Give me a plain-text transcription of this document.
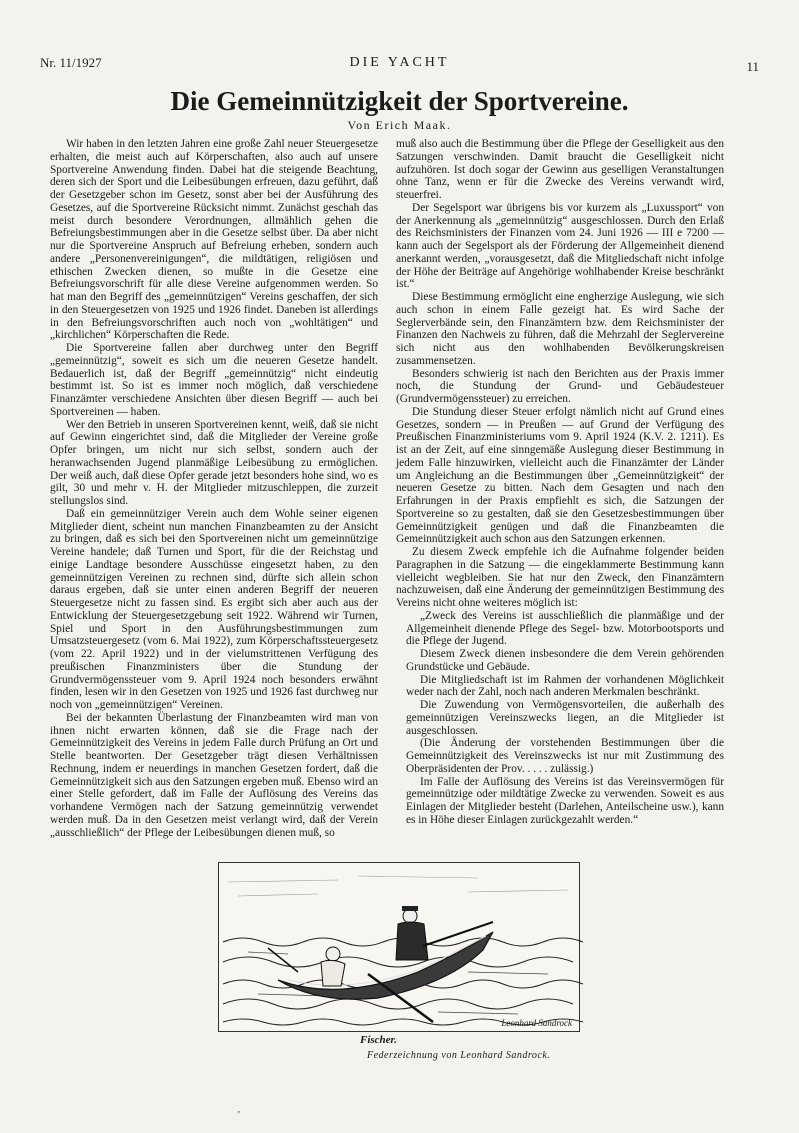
Nr. 11/1927	DIE YACHT	11
Die Gemeinnützigkeit der Sportvereine.
Von Erich Maak.

Wir haben in den letzten Jahren eine große Zahl neuer Steuergesetze erhalten, die meist auch auf Körperschaften, also auch auf unsere Sportvereine Anwendung finden. Dabei hat die steigende Beachtung, deren sich der Sport und die Leibesübungen erfreuen, dazu geführt, daß der Gesetzgeber schon im Gesetz, sonst aber bei der Ausführung des Gesetzes, auf die Sportvereine Rücksicht nimmt. Zunächst geschah das meist durch besondere Verordnungen, allmählich gehen die Befreiungsbestimmungen aber in die Gesetze selbst über. Da aber nicht nur die Sportvereine Anspruch auf Befreiung erheben, sondern auch andere „Personenvereinigungen“, die mildtätigen, religiösen und ethischen Zwecken dienen, so mußte in die Gesetze eine Befreiungsvorschrift für alle diese Vereine aufgenommen werden. So hat man den Begriff des „gemeinnützigen“ Vereins geschaffen, der sich in den Steuergesetzen von 1925 und 1926 findet. Daneben ist allerdings in den Befreiungsvorschriften auch noch von „wohltätigen“ und „kirchlichen“ Körperschaften die Rede.

Die Sportvereine fallen aber durchweg unter den Begriff „gemeinnützig“, soweit es sich um die neueren Gesetze handelt. Bedauerlich ist, daß der Begriff „gemeinnützig“ nicht eindeutig bestimmt ist. So ist es immer noch möglich, daß verschiedene Finanzämter verschiedene Ansichten über diesen Begriff — auch bei Sportvereinen — haben.

Wer den Betrieb in unseren Sportvereinen kennt, weiß, daß sie nicht auf Gewinn eingerichtet sind, daß die Mitglieder der Vereine große Opfer bringen, um nicht nur sich selbst, sondern auch der heranwachsenden Jugend planmäßige Leibesübung zu ermöglichen. Der weiß auch, daß diese Opfer gerade jetzt besonders hohe sind, wo es gilt, 30 und mehr v. H. der Mitglieder mitzuschleppen, die zurzeit stellungslos sind.

Daß ein gemeinnütziger Verein auch dem Wohle seiner eigenen Mitglieder dient, scheint nun manchen Finanzbeamten zu der Ansicht zu bringen, daß es sich bei den Sportvereinen nicht um gemeinnützige Vereine handele; daß Turnen und Sport, für die der Reichstag und einige Landtage besondere Ausschüsse eingesetzt haben, zu den gemeinnützigen Vereinen zu rechnen sind, dürfte sich allein schon daraus ergeben, daß sie unter einen anderen Begriff der neueren Steuergesetze nicht zu fassen sind. Es ergibt sich aber auch aus der Entwicklung der Steuergesetzgebung seit 1922. Während wir Turnen, Spiel und Sport in den Ausführungsbestimmungen zum Umsatzsteuergesetz (vom 6. Mai 1922), zum Körperschaftssteuergesetz (vom 22. April 1922) und in der vielumstrittenen Verfügung des preußischen Finanzministers über die Stundung der Grundvermögenssteuer vom 9. April 1924 noch besonders erwähnt finden, lesen wir in den Gesetzen von 1925 und 1926 fast durchweg nur noch von „gemeinnützigen“ Vereinen.

Bei der bekannten Überlastung der Finanzbeamten wird man von ihnen nicht erwarten können, daß sie die Frage nach der Gemeinnützigkeit des Vereins in jedem Falle durch Prüfung an Ort und Stelle beantworten. Der Gesetzgeber trägt diesen Verhältnissen Rechnung, indem er neuerdings in manchen Gesetzen fordert, daß die Gemeinnützigkeit sich aus den Satzungen ergeben muß. Ebenso wird an einer Stelle gefordert, daß im Falle der Auflösung des Vereins das vorhandene Vermögen nach der Satzung gemeinnützig verwendet werden muß. Da in den Gesetzen meist verlangt wird, daß der Verein „ausschließlich“ der Pflege der Leibesübungen dienen muß, so

muß also auch die Bestimmung über die Pflege der Geselligkeit aus den Satzungen verschwinden. Damit braucht die Geselligkeit nicht aufzuhören. Ist doch sogar der Gewinn aus geselligen Veranstaltungen ohne Tanz, wenn er für die Zwecke des Vereins verwandt wird, steuerfrei.

Der Segelsport war übrigens bis vor kurzem als „Luxussport“ von der Anerkennung als „gemeinnützig“ ausgeschlossen. Durch den Erlaß des Reichsministers der Finanzen vom 24. Juni 1926 — III e 7200 — kann auch der Segelsport als der Förderung der Allgemeinheit dienend anerkannt werden, „vorausgesetzt, daß die Mitgliedschaft nicht infolge der Höhe der Beiträge auf Angehörige wohlhabender Kreise beschränkt ist.“

Diese Bestimmung ermöglicht eine engherzige Auslegung, wie sich auch schon in einem Falle gezeigt hat. Es wird Sache der Seglerverbände sein, den Finanzämtern bzw. dem Reichsminister der Finanzen den Nachweis zu führen, daß die Mehrzahl der Seglervereine sich nicht aus den wohlhabenden Bevölkerungskreisen zusammensetzen.

Besonders schwierig ist nach den Berichten aus der Praxis immer noch, die Stundung der Grund- und Gebäudesteuer (Grundvermögenssteuer) zu erreichen.

Die Stundung dieser Steuer erfolgt nämlich nicht auf Grund eines Gesetzes, sondern — in Preußen — auf Grund der Verfügung des Preußischen Finanzministeriums vom 9. April 1924 (K.V. 2. 1211). Es ist an der Zeit, auf eine sinngemäße Auslegung dieser Bestimmung in jedem Falle hinzuwirken, vielleicht auch die Finanzämter der Länder um Angleichung an die Bestimmungen über „Gemeinnützigkeit“ der neueren Gesetze zu bitten. Nach dem Gesagten und nach den Erfahrungen in der Praxis empfiehlt es sich, die Satzungen der Sportvereine so zu gestalten, daß sie den Gesetzesbestimmungen über Gemeinnützigkeit genügen und daß die Finanzbeamten die Gemeinnützigkeit auch schon aus den Satzungen erkennen.

Zu diesem Zweck empfehle ich die Aufnahme folgender beiden Paragraphen in die Satzung — die eingeklammerte Bestimmung kann vielleicht wegbleiben. Sie hat nur den Zweck, den Finanzämtern nachzuweisen, daß eine Änderung der gemeinnützigen Bestimmung des Vereins nicht ohne weiteres möglich ist:

„Zweck des Vereins ist ausschließlich die planmäßige und der Allgemeinheit dienende Pflege des Segel- bzw. Motorbootsports und die Pflege der Jugend.

Diesem Zweck dienen insbesondere die dem Verein gehörenden Grundstücke und Gebäude.

Die Mitgliedschaft ist im Rahmen der vorhandenen Möglichkeit weder nach der Zahl, noch nach anderen Merkmalen beschränkt.

Die Zuwendung von Vermögensvorteilen, die außerhalb des gemeinnützigen Vereinszwecks liegen, an die Mitglieder ist ausgeschlossen.

(Die Änderung der vorstehenden Bestimmungen über die Gemeinnützigkeit des Vereinszwecks ist nur mit Zustimmung des Oberpräsidenten der Prov. . . . . zulässig.)

Im Falle der Auflösung des Vereins ist das Vereinsvermögen für gemeinnützige oder mildtätige Zwecke zu verwenden. Soweit es aus Einlagen der Mitglieder besteht (Darlehen, Anteilscheine usw.), kann es in Höhe dieser Einlagen zurückgezahlt werden.“

Leonhard Sandrock
Fischer.
Federzeichnung von Leonhard Sandrock.
'
